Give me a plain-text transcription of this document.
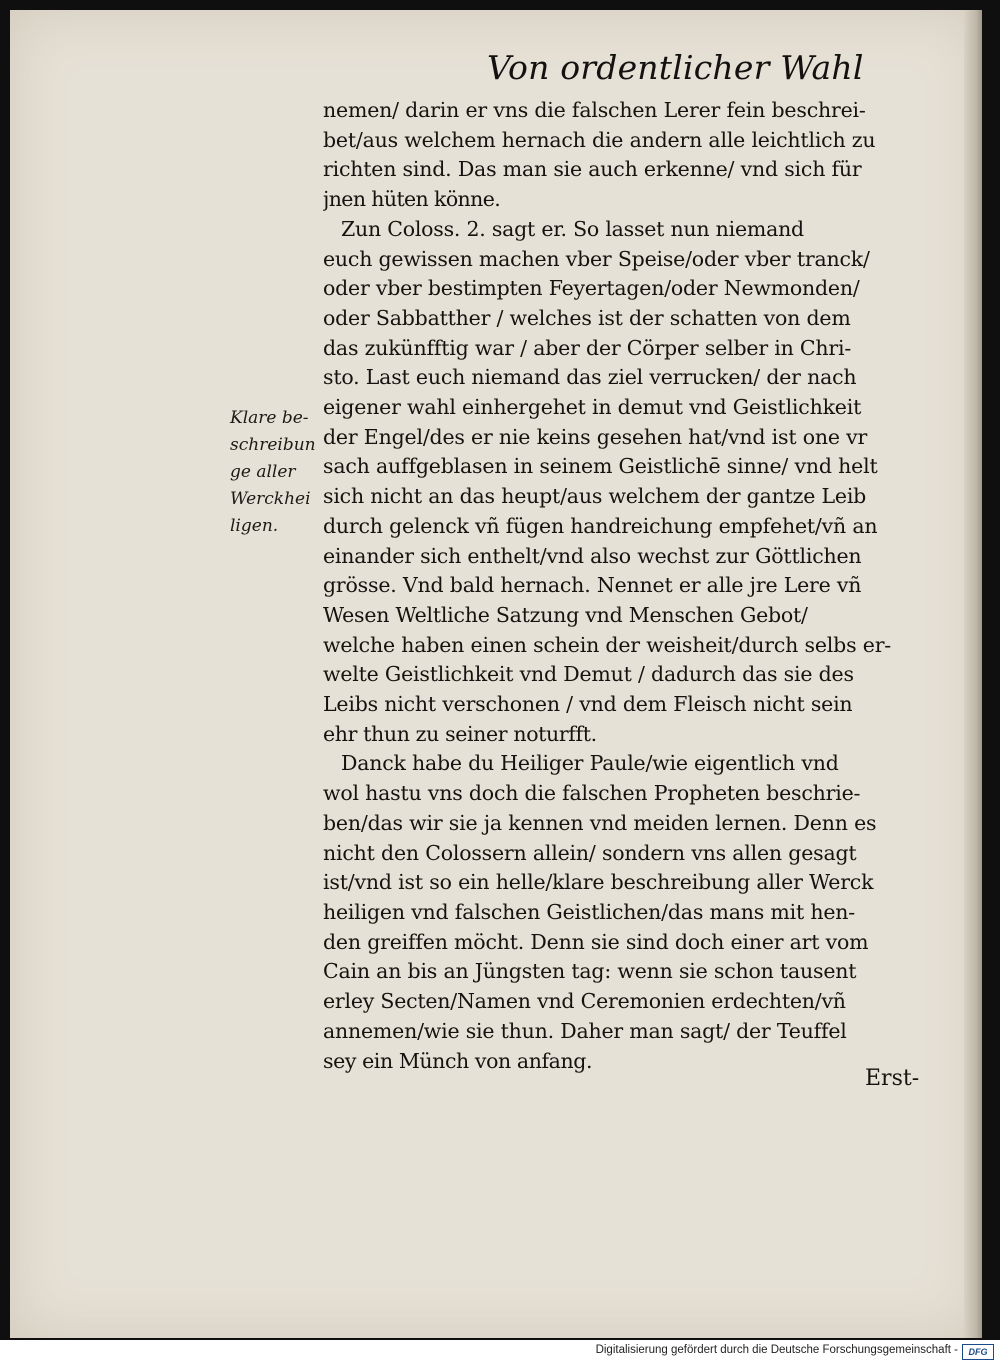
Von ordentlicher Wahl
Klare be-
schreibun
ge aller
Werckhei
ligen.
nemen/ darin er vns die falschen Lerer fein beschrei-
bet/aus welchem hernach die andern alle leichtlich zu
richten sind. Das man sie auch erkenne/ vnd sich für
jnen hüten könne.
Zun Coloss. 2. sagt er. So lasset nun niemand
euch gewissen machen vber Speise/oder vber tranck/
oder vber bestimpten Feyertagen/oder Newmonden/
oder Sabbatther / welches ist der schatten von dem
das zukünfftig war / aber der Cörper selber in Chri-
sto. Last euch niemand das ziel verrucken/ der nach
eigener wahl einhergehet in demut vnd Geistlichkeit
der Engel/des er nie keins gesehen hat/vnd ist one vr
sach auffgeblasen in seinem Geistlichē sinne/ vnd helt
sich nicht an das heupt/aus welchem der gantze Leib
durch gelenck vñ fügen handreichung empfehet/vñ an
einander sich enthelt/vnd also wechst zur Göttlichen
grösse. Vnd bald hernach. Nennet er alle jre Lere vñ
Wesen Weltliche Satzung vnd Menschen Gebot/
welche haben einen schein der weisheit/durch selbs er-
welte Geistlichkeit vnd Demut / dadurch das sie des
Leibs nicht verschonen / vnd dem Fleisch nicht sein
ehr thun zu seiner noturfft.
Danck habe du Heiliger Paule/wie eigentlich vnd
wol hastu vns doch die falschen Propheten beschrie-
ben/das wir sie ja kennen vnd meiden lernen. Denn es
nicht den Colossern allein/ sondern vns allen gesagt
ist/vnd ist so ein helle/klare beschreibung aller Werck
heiligen vnd falschen Geistlichen/das mans mit hen-
den greiffen möcht. Denn sie sind doch einer art vom
Cain an bis an Jüngsten tag: wenn sie schon tausent
erley Secten/Namen vnd Ceremonien erdechten/vñ
annemen/wie sie thun. Daher man sagt/ der Teuffel
sey ein Münch von anfang.
Erst-
Digitalisierung gefördert durch die Deutsche Forschungsgemeinschaft -	DFG
